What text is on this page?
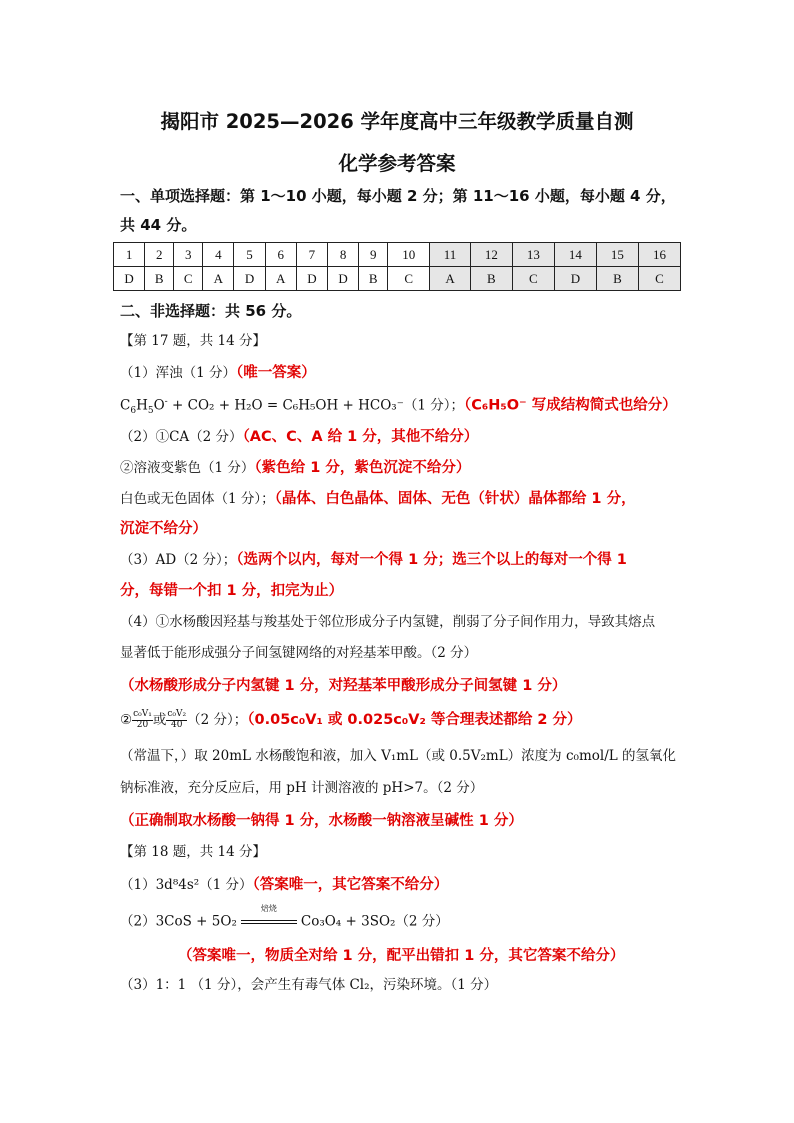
揭阳市 2025—2026 学年度高中三年级教学质量自测
化学参考答案
一、单项选择题：第 1～10 小题，每小题 2 分；第 11～16 小题，每小题 4 分，
共 44 分。
1	2	3	4	5	6	7	8	9	10	11	12	13	14	15	16
D	B	C	A	D	A	D	D	B	C	A	B	C	D	B	C
二、非选择题：共 56 分。
【第 17 题，共 14 分】
（1）浑浊（1 分）（唯一答案）
$C_6H_5O^- + CO_2 + H_2O = C_6H_5OH + HCO_3^-(1$ 分）；（C₆H₅O⁻ 写成结构简式也给分）
（2）①CA（2 分）（AC、C、A 给 1 分，其他不给分）
②溶液变紫色（1 分）（紫色给 1 分，紫色沉淀不给分）
白色或无色固体（1 分）；（晶体、白色晶体、固体、无色（针状）晶体都给 1 分，
沉淀不给分）
（3）AD（2 分）；（选两个以内，每对一个得 1 分；选三个以上的每对一个得 1
分，每错一个扣 1 分，扣完为止）
（4）①水杨酸因羟基与羧基处于邻位形成分子内氢键，削弱了分子间作用力，导致其熔点
显著低于能形成强分子间氢键网络的对羟基苯甲酸。（2 分）
（水杨酸形成分子内氢键 1 分，对羟基苯甲酸形成分子间氢键 1 分）
② $\frac{\text{c₀V₁}}{20}$ 或 $\frac{\text{c₀V₂}}{40} (2$ 分）；（0.05c₀V₁ 或 0.025c₀V₂ 等合理表述都给 2 分）
（常温下，）取 20mL 水杨酸饱和液，加入 V₁mL（或 0.5V₂mL）浓度为 c₀mol/L 的氢氧化
钠标准液，充分反应后，用 pH 计测溶液的 pH>7。（2 分）
（正确制取水杨酸一钠得 1 分，水杨酸一钠溶液呈碱性 1 分）
【第 18 题，共 14 分】
（1）3d⁸4s²（1 分）（答案唯一，其它答案不给分）
（2）3CoS + 5O₂
焙烧
Co₃O₄ + 3SO₂（2 分）
（答案唯一，物质全对给 1 分，配平出错扣 1 分，其它答案不给分）
（3）1：1 （1 分），会产生有毒气体 Cl₂，污染环境。（1 分）
